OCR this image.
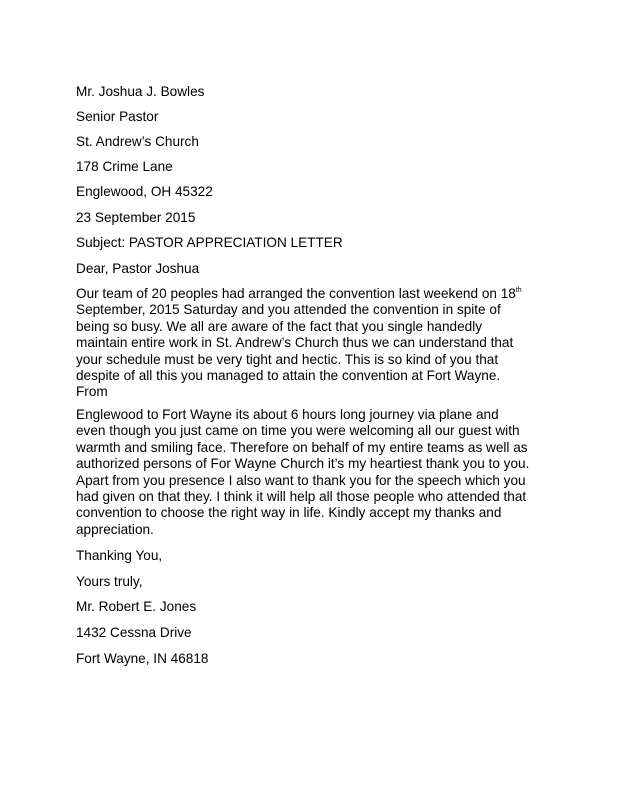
Mr. Joshua J. Bowles

Senior Pastor

St. Andrew’s Church

178 Crime Lane

Englewood, OH 45322

23 September 2015

Subject: PASTOR APPRECIATION LETTER

Dear, Pastor Joshua

Our team of 20 peoples had arranged the convention last weekend on 18th
September, 2015 Saturday and you attended the convention in spite of
being so busy. We all are aware of the fact that you single handedly
maintain entire work in St. Andrew’s Church thus we can understand that
your schedule must be very tight and hectic. This is so kind of you that
despite of all this you managed to attain the convention at Fort Wayne.
From
Englewood to Fort Wayne its about 6 hours long journey via plane and
even though you just came on time you were welcoming all our guest with
warmth and smiling face. Therefore on behalf of my entire teams as well as
authorized persons of For Wayne Church it’s my heartiest thank you to you.
Apart from you presence I also want to thank you for the speech which you
had given on that they. I think it will help all those people who attended that
convention to choose the right way in life. Kindly accept my thanks and
appreciation.

Thanking You,

Yours truly,

Mr. Robert E. Jones

1432 Cessna Drive

Fort Wayne, IN 46818
